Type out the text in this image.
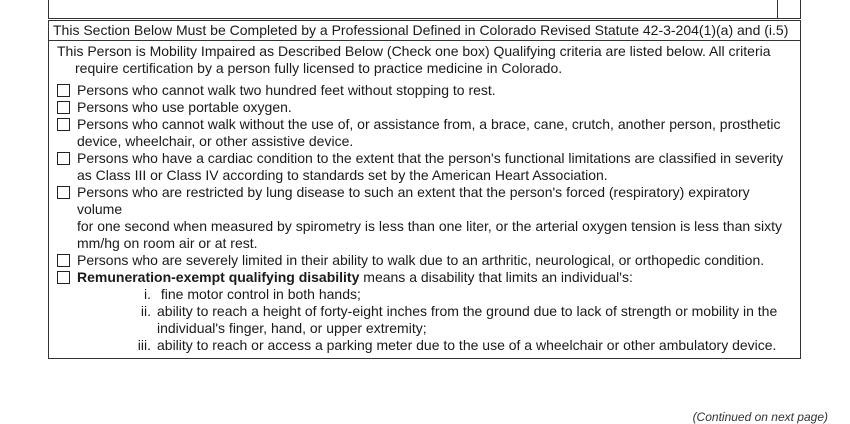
This Section Below Must be Completed by a Professional Defined in Colorado Revised Statute 42-3-204(1)(a) and (i.5)

This Person is Mobility Impaired as Described Below (Check one box) Qualifying criteria are listed below. All criteria
require certification by a person fully licensed to practice medicine in Colorado.

Persons who cannot walk two hundred feet without stopping to rest.
Persons who use portable oxygen.
Persons who cannot walk without the use of, or assistance from, a brace, cane, crutch, another person, prosthetic
device, wheelchair, or other assistive device.
Persons who have a cardiac condition to the extent that the person's functional limitations are classified in severity
as Class III or Class IV according to standards set by the American Heart Association.
Persons who are restricted by lung disease to such an extent that the person's forced (respiratory) expiratory volume
for one second when measured by spirometry is less than one liter, or the arterial oxygen tension is less than sixty
mm/hg on room air or at rest.
Persons who are severely limited in their ability to walk due to an arthritic, neurological, or orthopedic condition.
Remuneration-exempt qualifying disability means a disability that limits an individual's:
i. fine motor control in both hands;
ii. ability to reach a height of forty-eight inches from the ground due to lack of strength or mobility in the
individual's finger, hand, or upper extremity;
iii. ability to reach or access a parking meter due to the use of a wheelchair or other ambulatory device.
(Continued on next page)
